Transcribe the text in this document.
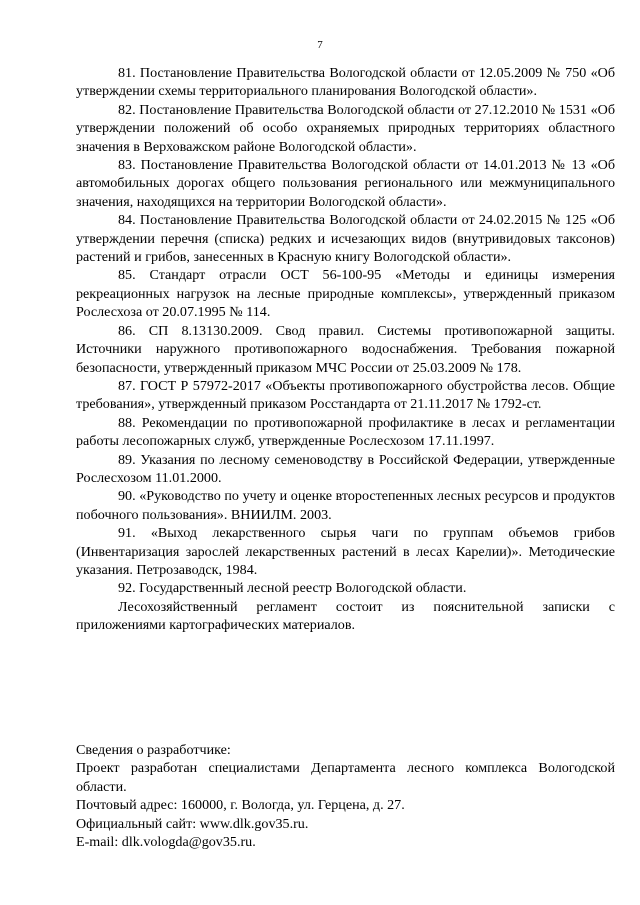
7

81. Постановление Правительства Вологодской области от 12.05.2009 № 750 «Об утверждении схемы территориального планирования Вологодской области».

82. Постановление Правительства Вологодской области от 27.12.2010 № 1531 «Об утверждении положений об особо охраняемых природных территориях областного значения в Верховажском районе Вологодской области».

83. Постановление Правительства Вологодской области от 14.01.2013 № 13 «Об автомобильных дорогах общего пользования регионального или межмуниципального значения, находящихся на территории Вологодской области».

84. Постановление Правительства Вологодской области от 24.02.2015 № 125 «Об утверждении перечня (списка) редких и исчезающих видов (внутривидовых таксонов) растений и грибов, занесенных в Красную книгу Вологодской области».

85. Стандарт отрасли ОСТ 56-100-95 «Методы и единицы измерения рекреационных нагрузок на лесные природные комплексы», утвержденный приказом Рослесхоза от 20.07.1995 № 114.

86. СП 8.13130.2009. Свод правил. Системы противопожарной защиты. Источники наружного противопожарного водоснабжения. Требования пожарной безопасности, утвержденный приказом МЧС России от 25.03.2009 № 178.

87. ГОСТ Р 57972-2017 «Объекты противопожарного обустройства лесов. Общие требования», утвержденный приказом Росстандарта от 21.11.2017 № 1792-ст.

88. Рекомендации по противопожарной профилактике в лесах и регламентации работы лесопожарных служб, утвержденные Рослесхозом 17.11.1997.

89. Указания по лесному семеноводству в Российской Федерации, утвержденные Рослесхозом 11.01.2000.

90. «Руководство по учету и оценке второстепенных лесных ресурсов и продуктов побочного пользования». ВНИИЛМ. 2003.

91. «Выход лекарственного сырья чаги по группам объемов грибов (Инвентаризация зарослей лекарственных растений в лесах Карелии)». Методические указания. Петрозаводск, 1984.

92. Государственный лесной реестр Вологодской области.

Лесохозяйственный регламент состоит из пояснительной записки с приложениями картографических материалов.

Сведения о разработчике:

Проект разработан специалистами Департамента лесного комплекса Вологодской области.

Почтовый адрес: 160000, г. Вологда, ул. Герцена, д. 27.

Официальный сайт: www.dlk.gov35.ru.

E-mail: dlk.vologda@gov35.ru.
